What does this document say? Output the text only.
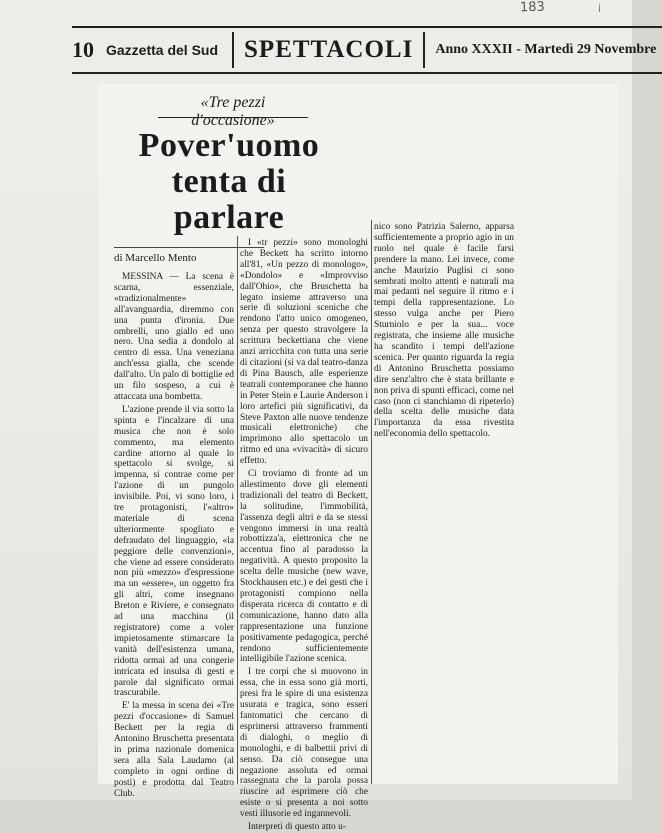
183	i
10 Gazzetta del Sud	SPETTACOLI	Anno XXXII - Martedì 29 Novembre
«Tre pezzi d'occasione»
Pover'uomo tenta di parlare
di Marcello Mento

MESSINA — La scena è scarna, essenziale, «tradizionalmente» all'avanguardia, diremmo con una punta d'ironia. Due ombrelli, uno giallo ed uno nero. Una sedia a dondolo al centro di essa. Una veneziana anch'essa gialla, che scende dall'alto. Un palo di bottiglie ed un filo sospeso, a cui è attaccata una bombetta.

L'azione prende il via sotto la spinta e l'incalzare di una musica che non è solo commento, ma elemento cardine attorno al quale lo spettacolo si svolge, si impenna, si contrae come per l'azione di un pungolo invisibile. Poi, vi sono loro, i tre protagonisti, l'«altro» materiale di scena ulteriormente spogliato e defraudato del linguaggio, «la peggiore delle convenzioni», che viene ad essere considerato non più «mezzo» d'espressione ma un «essere», un oggetto fra gli altri, come insegnano Breton e Riviere, e consegnato ad una macchina (il registratore) come a voler impietosamente stimarcare la vanità dell'esistenza umana, ridotta ormai ad una congerie intricata ed insulsa di gesti e parole dal significato ormai trascurabile.

E' la messa in scena dei «Tre pezzi d'occasione» di Samuel Beckett per la regia di Antonino Bruschetta presentata in prima nazionale domenica sera alla Sala Laudamo (al completo in ogni ordine di posti) e prodotta dal Teatro Club.

I «tr pezzi» sono monologhi che Beckett ha scritto intorno all'81, «Un pezzo di monologo», «Dondolo» e «Improvviso dall'Ohio», che Bruschetta ha legato insieme attraverso una serie di soluzioni sceniche che rendono l'atto unico omogeneo, senza per questo stravolgere la scrittura beckettiana che viene anzi arricchita con tutta una serie di citazioni (si va dal teatro-danza di Pina Bausch, alle esperienze teatrali contemporanee che hanno in Peter Stein e Laurie Anderson i loro artefici più significativi, da Steve Paxton alle nuove tendenze musicali elettroniche) che imprimono allo spettacolo un ritmo ed una «vivacità» di sicuro effetto.

Ci troviamo di fronte ad un allestimento dove gli elementi tradizionali del teatro di Beckett, la solitudine, l'immobilità, l'assenza degli altri e da se stessi vengono immersi in una realtà robottizza'a, elettronica che ne accentua fino al paradosso la negatività. A questo proposito la scelta delle musiche (new wave, Stockhausen etc.) e dei gesti che i protagonisti compiono nella disperata ricerca di contatto e di comunicazione, hanno dato alla rappresentazione una funzione positivamente pedagogica, perché rendono sufficientemente intelligibile l'azione scenica.

I tre corpi che si muovono in essa, che in essa sono già morti, presi fra le spire di una esistenza usurata e tragica, sono esseri fantomatici che cercano di esprimersi attraverso frammenti di dialoghi, o meglio di monologhi, e di balbettii privi di senso. Da ciò consegue una negazione assoluta ed ormai rassegnata che la parola possa riuscire ad esprimere ciò che esiste o si presenta a noi sotto vesti illusorie ed ingannevoli.

Interpreti di questo atto u-

nico sono Patrizia Salerno, apparsa sufficientemente a proprio agio in un ruolo nel quale è facile farsi prendere la mano. Lei invece, come anche Maurizio Puglisi ci sono sembrati molto attenti e naturali ma mai pedanti nel seguire il ritmo e i tempi della rappresentazione. Lo stesso vulga anche per Piero Sturniolo e per la sua... voce registrata, che insieme alle musiche ha scandito i tempi dell'azione scenica. Per quanto riguarda la regia di Antonino Bruschetta possiamo dire senz'altro che è stata brillante e non priva di spunti efficaci, come nel caso (non ci stanchiamo di ripeterlo) della scelta delle musiche data l'importanza da essa rivestita nell'economia dello spettacolo.
